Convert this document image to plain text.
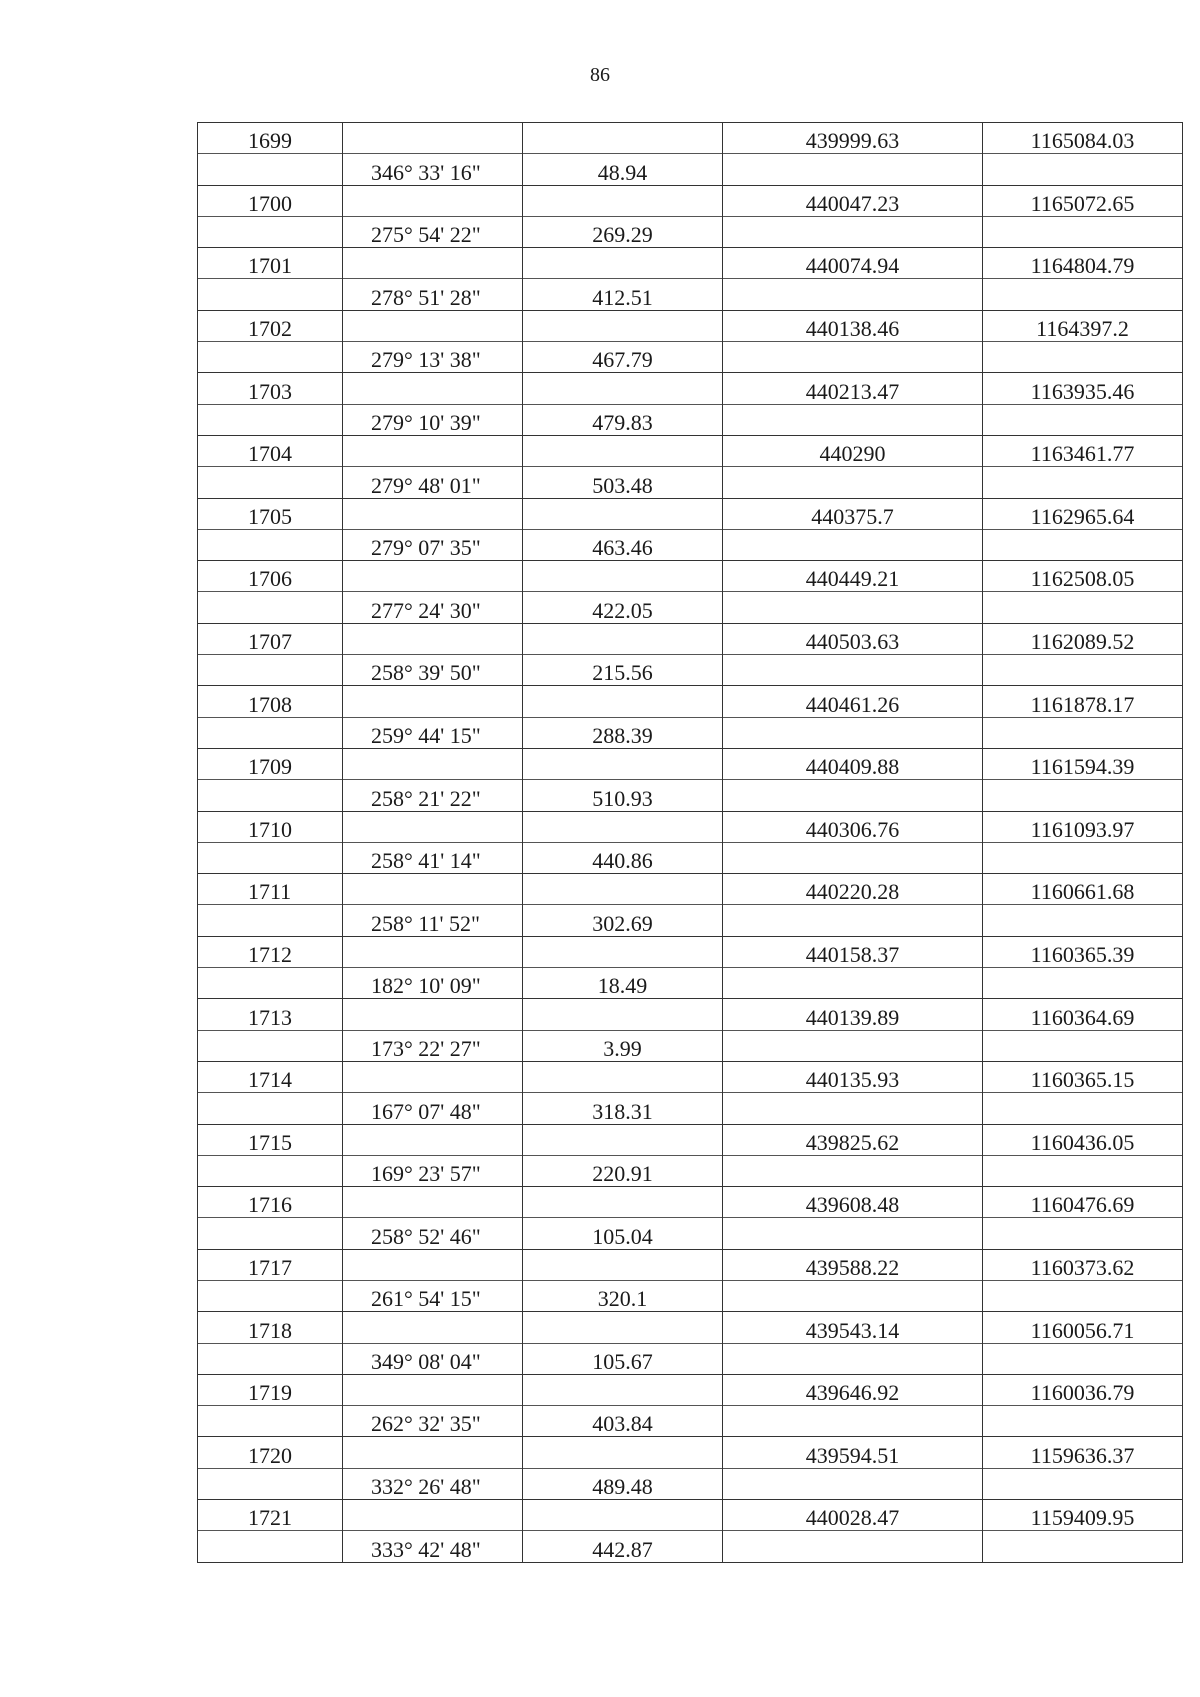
86
1699			439999.63	1165084.03
	346° 33' 16"	48.94		
1700			440047.23	1165072.65
	275° 54' 22"	269.29		
1701			440074.94	1164804.79
	278° 51' 28"	412.51		
1702			440138.46	1164397.2
	279° 13' 38"	467.79		
1703			440213.47	1163935.46
	279° 10' 39"	479.83		
1704			440290	1163461.77
	279° 48' 01"	503.48		
1705			440375.7	1162965.64
	279° 07' 35"	463.46		
1706			440449.21	1162508.05
	277° 24' 30"	422.05		
1707			440503.63	1162089.52
	258° 39' 50"	215.56		
1708			440461.26	1161878.17
	259° 44' 15"	288.39		
1709			440409.88	1161594.39
	258° 21' 22"	510.93		
1710			440306.76	1161093.97
	258° 41' 14"	440.86		
1711			440220.28	1160661.68
	258° 11' 52"	302.69		
1712			440158.37	1160365.39
	182° 10' 09"	18.49		
1713			440139.89	1160364.69
	173° 22' 27"	3.99		
1714			440135.93	1160365.15
	167° 07' 48"	318.31		
1715			439825.62	1160436.05
	169° 23' 57"	220.91		
1716			439608.48	1160476.69
	258° 52' 46"	105.04		
1717			439588.22	1160373.62
	261° 54' 15"	320.1		
1718			439543.14	1160056.71
	349° 08' 04"	105.67		
1719			439646.92	1160036.79
	262° 32' 35"	403.84		
1720			439594.51	1159636.37
	332° 26' 48"	489.48		
1721			440028.47	1159409.95
	333° 42' 48"	442.87		
